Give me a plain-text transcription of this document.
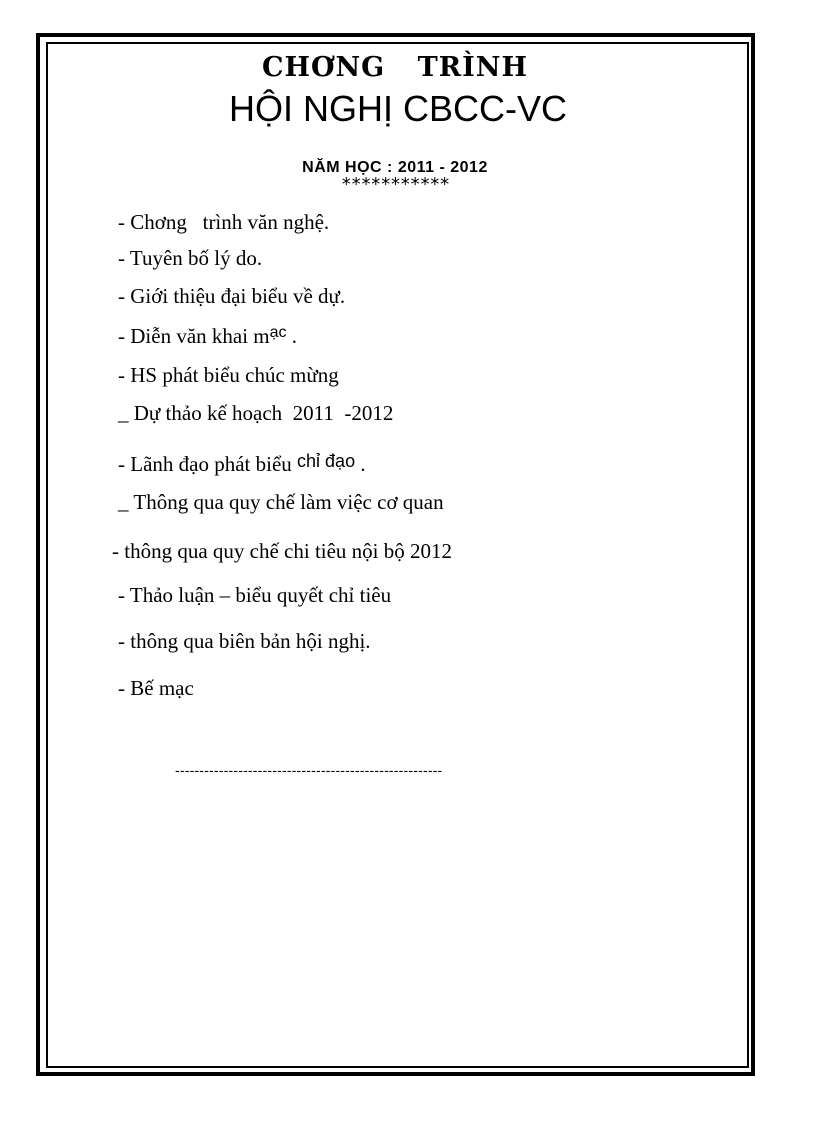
CHƠNG TRÌNH
HỘI NGHỊ CBCC-VC
NĂM HỌC : 2011 - 2012
***********
- Chơng   trình văn nghệ.
- Tuyên bố lý do.
- Giới thiệu đại biểu về dự.
- Diễn văn khai $m^{ạc}$ .
- HS phát biểu chúc mừng
_ Dự thảo kế hoạch  2011  -2012
- Lãnh đạo phát biểu chỉ đạo .
_ Thông qua quy chế làm việc cơ quan
- thông qua quy chế chi tiêu nội bộ 2012
- Thảo luận – biểu quyết chỉ tiêu
- thông qua biên bản hội nghị.
- Bế mạc
-------------------------------------------------------
